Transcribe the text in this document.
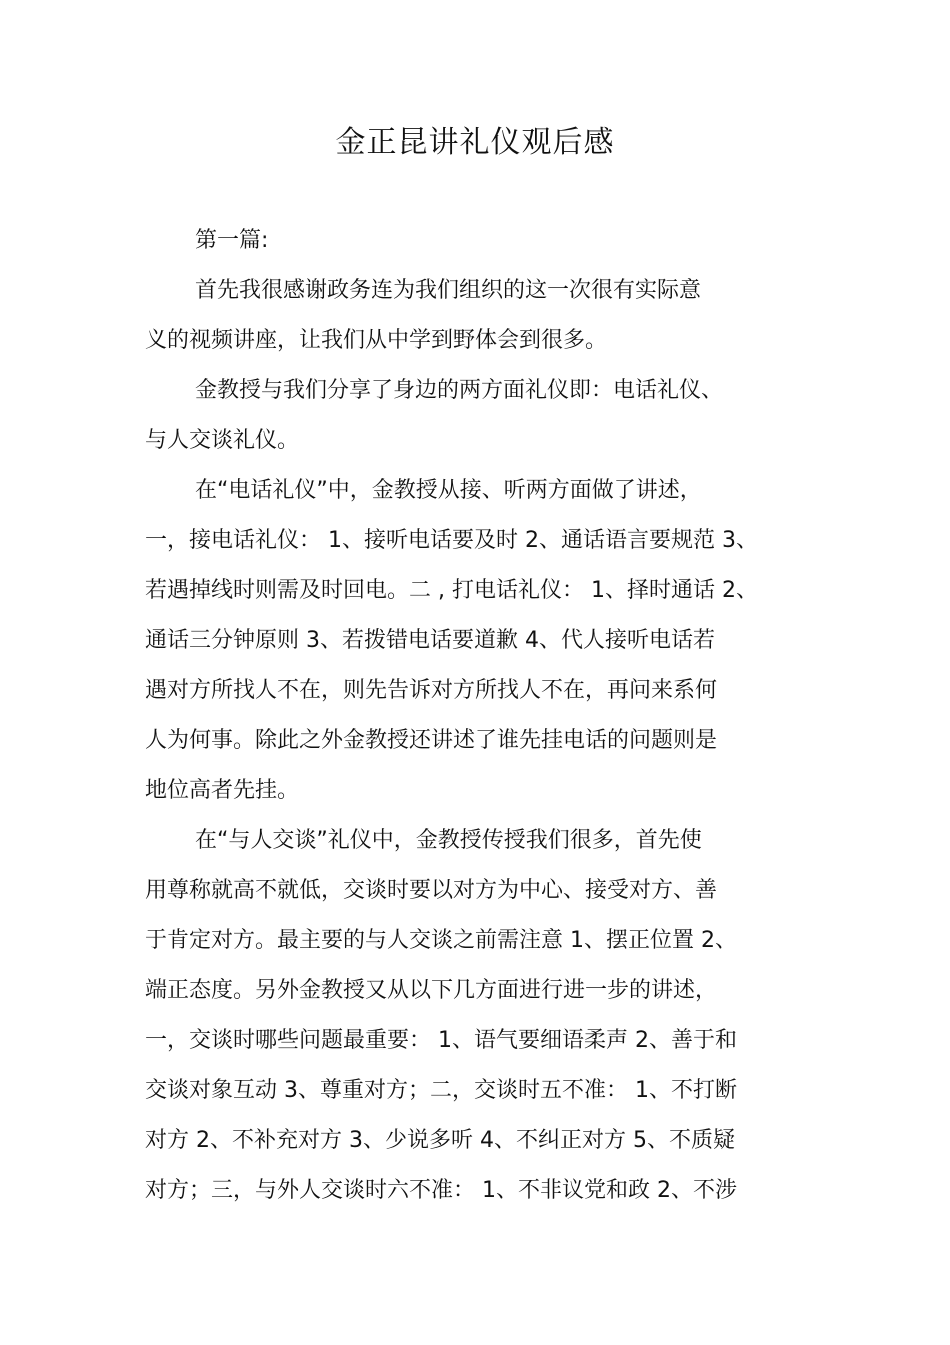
金正昆讲礼仪观后感
第一篇:
首先我很感谢政务连为我们组织的这一次很有实际意
义的视频讲座，让我们从中学到野体会到很多。
金教授与我们分享了身边的两方面礼仪即：电话礼仪、
与人交谈礼仪。
在“电话礼仪”中，金教授从接、听两方面做了讲述，
一，接电话礼仪： 1、接听电话要及时 2、通话语言要规范 3、
若遇掉线时则需及时回电。二 , 打电话礼仪： 1、择时通话 2、
通话三分钟原则 3、若拨错电话要道歉 4、代人接听电话若
遇对方所找人不在，则先告诉对方所找人不在，再问来系何
人为何事。除此之外金教授还讲述了谁先挂电话的问题则是
地位高者先挂。
在“与人交谈”礼仪中，金教授传授我们很多，首先使
用尊称就高不就低，交谈时要以对方为中心、接受对方、善
于肯定对方。最主要的与人交谈之前需注意 1、摆正位置 2、
端正态度。另外金教授又从以下几方面进行进一步的讲述，
一，交谈时哪些问题最重要： 1、语气要细语柔声 2、善于和
交谈对象互动 3、尊重对方；二，交谈时五不准： 1、不打断
对方 2、不补充对方 3、少说多听 4、不纠正对方 5、不质疑
对方；三，与外人交谈时六不准： 1、不非议党和政 2、不涉
